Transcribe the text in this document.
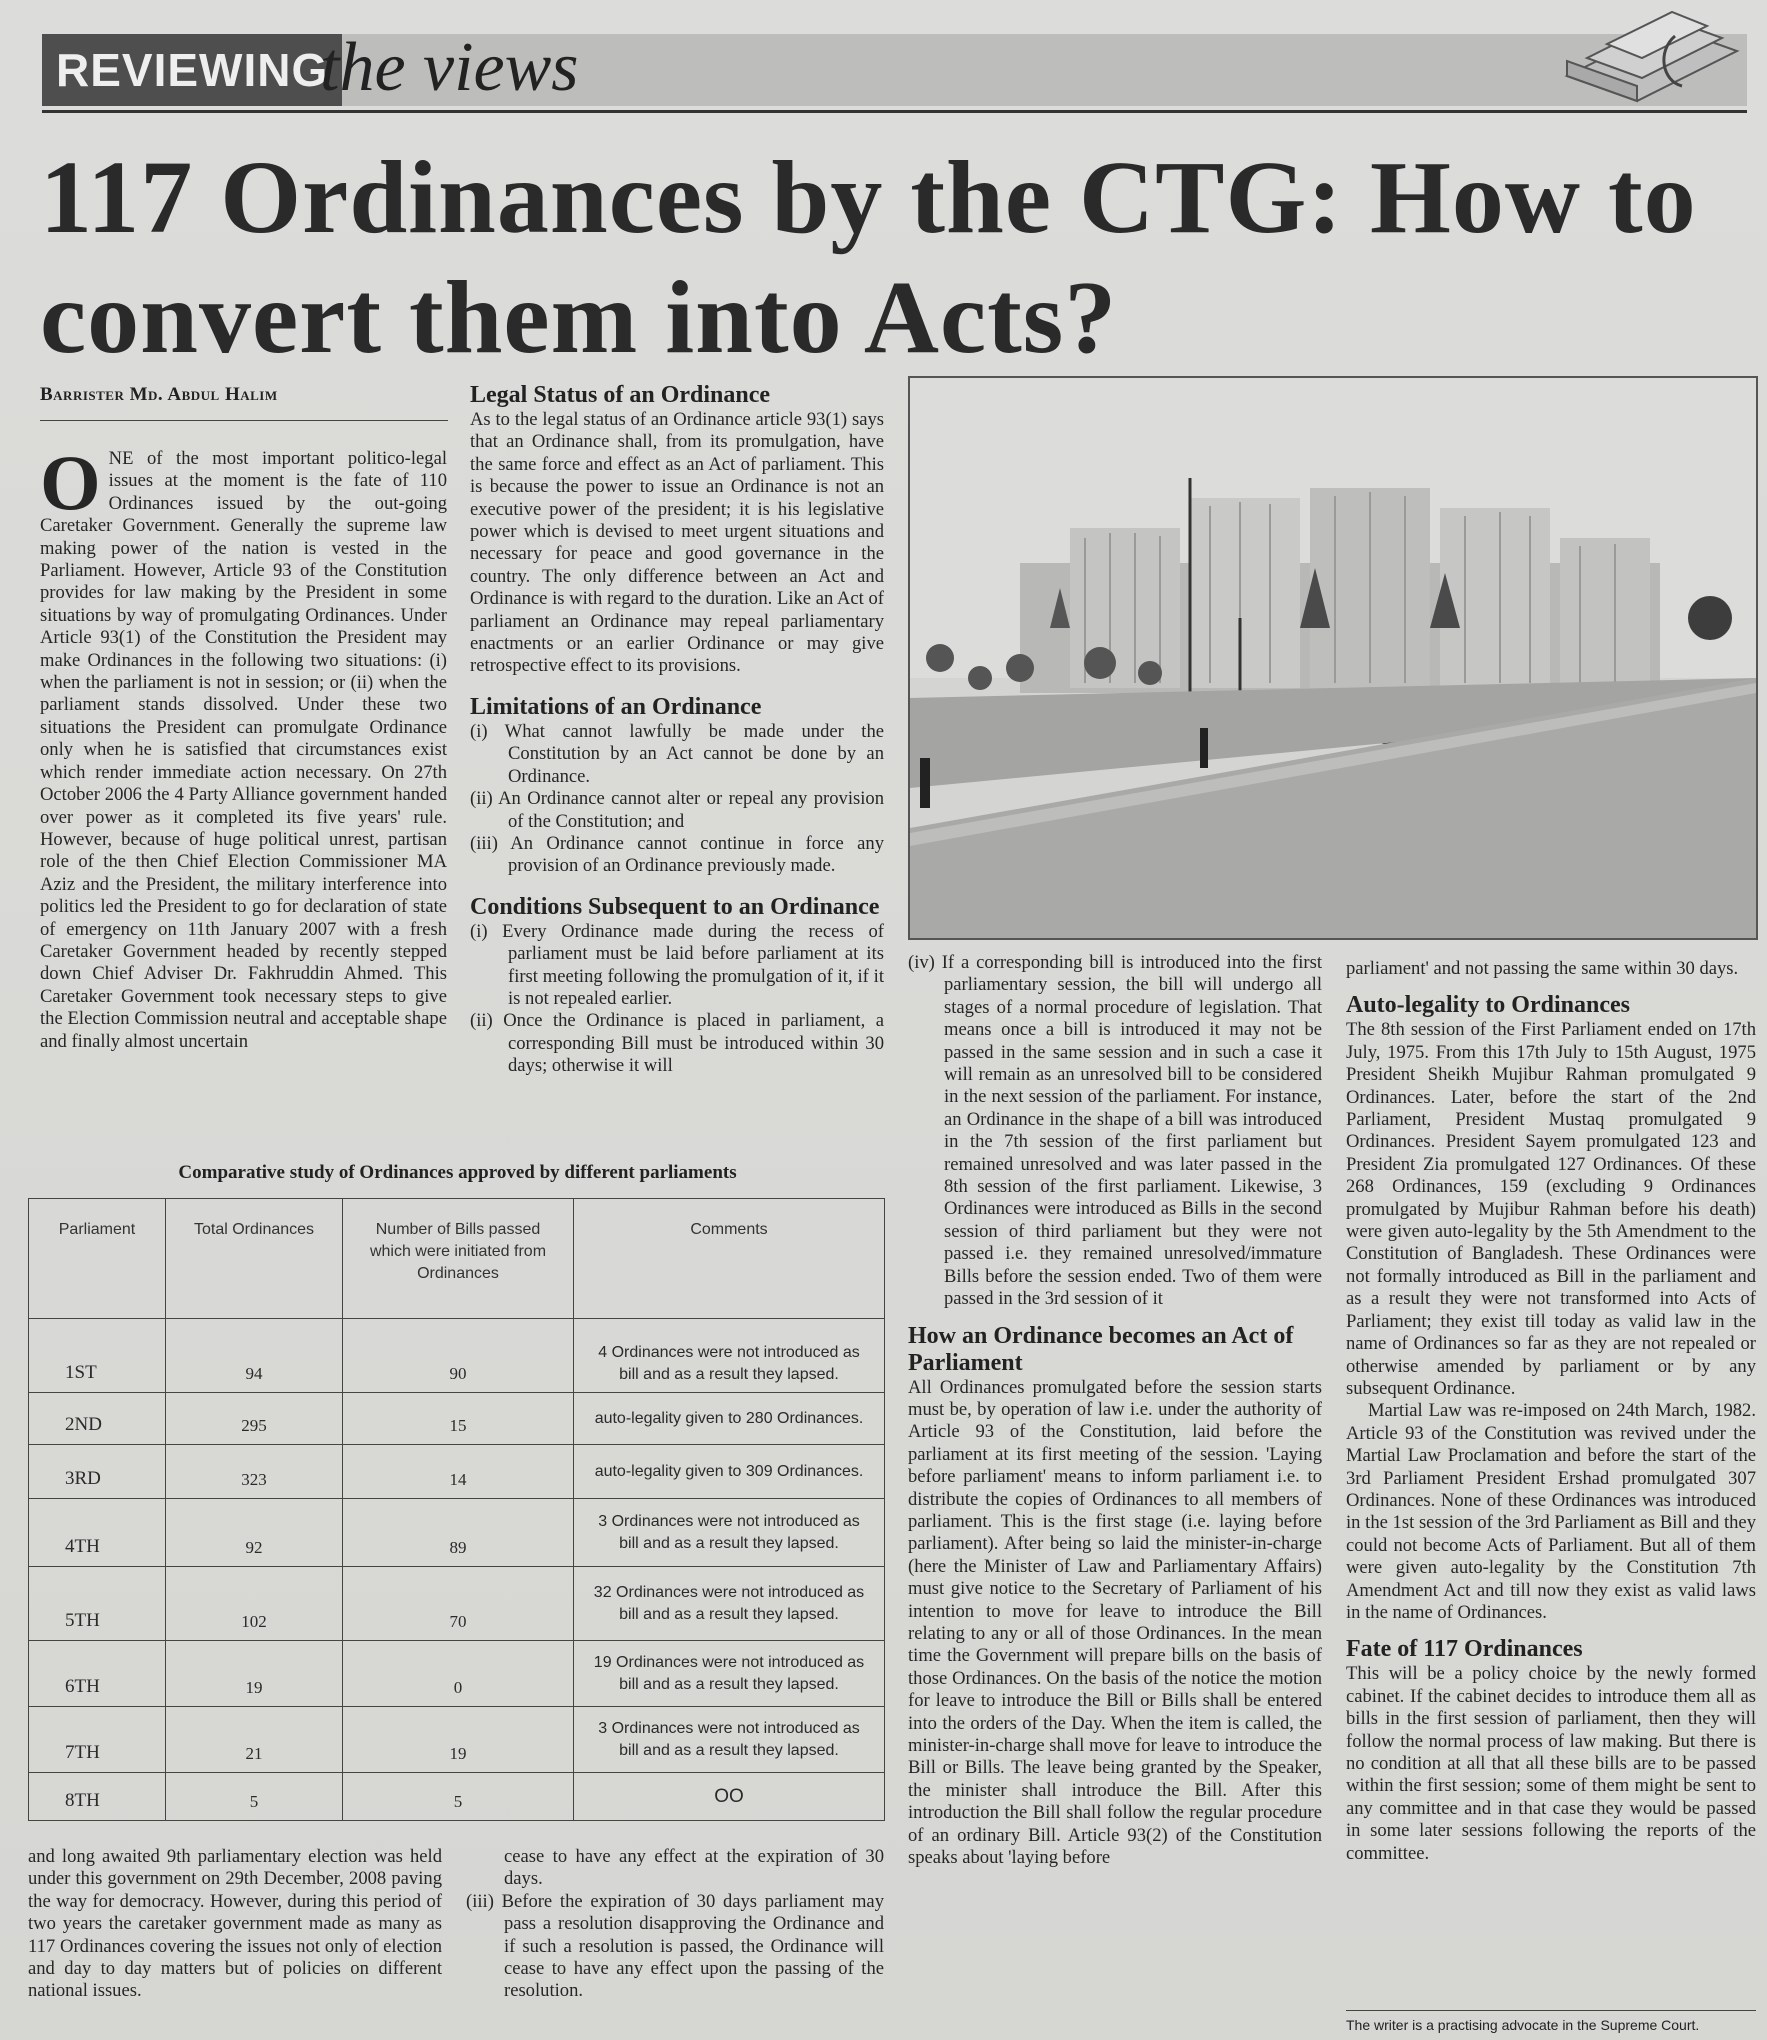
REVIEWING
the views
117 Ordinances by the CTG: How to convert them into Acts?
Barrister Md. Abdul Halim
O NE of the most important politico-legal issues at the moment is the fate of 110 Ordinances issued by the out-going Caretaker Government. Generally the supreme law making power of the nation is vested in the Parliament. However, Article 93 of the Constitution provides for law making by the President in some situations by way of promulgating Ordinances. Under Article 93(1) of the Constitution the President may make Ordinances in the following two situations: (i) when the parliament is not in session; or (ii) when the parliament stands dissolved. Under these two situations the President can promulgate Ordinance only when he is satisfied that circumstances exist which render immediate action necessary. On 27th October 2006 the 4 Party Alliance government handed over power as it completed its five years' rule. However, because of huge political unrest, partisan role of the then Chief Election Commissioner MA Aziz and the President, the military interference into politics led the President to go for declaration of state of emergency on 11th January 2007 with a fresh Caretaker Government headed by recently stepped down Chief Adviser Dr. Fakhruddin Ahmed. This Caretaker Government took necessary steps to give the Election Commission neutral and acceptable shape and finally almost uncertain

and long awaited 9th parliamentary election was held under this government on 29th December, 2008 paving the way for democracy. However, during this period of two years the caretaker government made as many as 117 Ordinances covering the issues not only of election and day to day matters but of policies on different national issues.

Legal Status of an Ordinance

As to the legal status of an Ordinance article 93(1) says that an Ordinance shall, from its promulgation, have the same force and effect as an Act of parliament. This is because the power to issue an Ordinance is not an executive power of the president; it is his legislative power which is devised to meet urgent situations and necessary for peace and good governance in the country. The only difference between an Act and Ordinance is with regard to the duration. Like an Act of parliament an Ordinance may repeal parliamentary enactments or an earlier Ordinance or may give retrospective effect to its provisions.

Limitations of an Ordinance

(i) What cannot lawfully be made under the Constitution by an Act cannot be done by an Ordinance.

(ii) An Ordinance cannot alter or repeal any provision of the Constitution; and

(iii) An Ordinance cannot continue in force any provision of an Ordinance previously made.

Conditions Subsequent to an Ordinance

(i) Every Ordinance made during the recess of parliament must be laid before parliament at its first meeting following the promulgation of it, if it is not repealed earlier.

(ii) Once the Ordinance is placed in parliament, a corresponding Bill must be introduced within 30 days; otherwise it will

cease to have any effect at the expiration of 30 days.

(iii) Before the expiration of 30 days parliament may pass a resolution disapproving the Ordinance and if such a resolution is passed, the Ordinance will cease to have any effect upon the passing of the resolution.

(iv) If a corresponding bill is introduced into the first parliamentary session, the bill will undergo all stages of a normal procedure of legislation. That means once a bill is introduced it may not be passed in the same session and in such a case it will remain as an unresolved bill to be considered in the next session of the parliament. For instance, an Ordinance in the shape of a bill was introduced in the 7th session of the first parliament but remained unresolved and was later passed in the 8th session of the first parliament. Likewise, 3 Ordinances were introduced as Bills in the second session of third parliament but they were not passed i.e. they remained unresolved/immature Bills before the session ended. Two of them were passed in the 3rd session of it

How an Ordinance becomes an Act of Parliament

All Ordinances promulgated before the session starts must be, by operation of law i.e. under the authority of Article 93 of the Constitution, laid before the parliament at its first meeting of the session. 'Laying before parliament' means to inform parliament i.e. to distribute the copies of Ordinances to all members of parliament. This is the first stage (i.e. laying before parliament). After being so laid the minister-in-charge (here the Minister of Law and Parliamentary Affairs) must give notice to the Secretary of Parliament of his intention to move for leave to introduce the Bill relating to any or all of those Ordinances. In the mean time the Government will prepare bills on the basis of those Ordinances. On the basis of the notice the motion for leave to introduce the Bill or Bills shall be entered into the orders of the Day. When the item is called, the minister-in-charge shall move for leave to introduce the Bill or Bills. The leave being granted by the Speaker, the minister shall introduce the Bill. After this introduction the Bill shall follow the regular procedure of an ordinary Bill. Article 93(2) of the Constitution speaks about 'laying before

parliament' and not passing the same within 30 days.

Auto-legality to Ordinances

The 8th session of the First Parliament ended on 17th July, 1975. From this 17th July to 15th August, 1975 President Sheikh Mujibur Rahman promulgated 9 Ordinances. Later, before the start of the 2nd Parliament, President Mustaq promulgated 9 Ordinances. President Sayem promulgated 123 and President Zia promulgated 127 Ordinances. Of these 268 Ordinances, 159 (excluding 9 Ordinances promulgated by Mujibur Rahman before his death) were given auto-legality by the 5th Amendment to the Constitution of Bangladesh. These Ordinances were not formally introduced as Bill in the parliament and as a result they were not transformed into Acts of Parliament; they exist till today as valid law in the name of Ordinances so far as they are not repealed or otherwise amended by parliament or by any subsequent Ordinance.

Martial Law was re-imposed on 24th March, 1982. Article 93 of the Constitution was revived under the Martial Law Proclamation and before the start of the 3rd Parliament President Ershad promulgated 307 Ordinances. None of these Ordinances was introduced in the 1st session of the 3rd Parliament as Bill and they could not become Acts of Parliament. But all of them were given auto-legality by the Constitution 7th Amendment Act and till now they exist as valid laws in the name of Ordinances.

Fate of 117 Ordinances

This will be a policy choice by the newly formed cabinet. If the cabinet decides to introduce them all as bills in the first session of parliament, then they will follow the normal process of law making. But there is no condition at all that all these bills are to be passed within the first session; some of them might be sent to any committee and in that case they would be passed in some later sessions following the reports of the committee.

The writer is a practising advocate in the Supreme Court.
Comparative study of Ordinances approved by different parliaments
Parliament	Total Ordinances	Number of Bills passed which were initiated from Ordinances	Comments
1ST	94	90	4 Ordinances were not introduced as bill and as a result they lapsed.
2ND	295	15	auto-legality given to 280 Ordinances.
3RD	323	14	auto-legality given to 309 Ordinances.
4TH	92	89	3 Ordinances were not introduced as bill and as a result they lapsed.
5TH	102	70	32 Ordinances were not introduced as bill and as a result they lapsed.
6TH	19	0	19 Ordinances were not introduced as bill and as a result they lapsed.
7TH	21	19	3 Ordinances were not introduced as bill and as a result they lapsed.
8TH	5	5	OO
